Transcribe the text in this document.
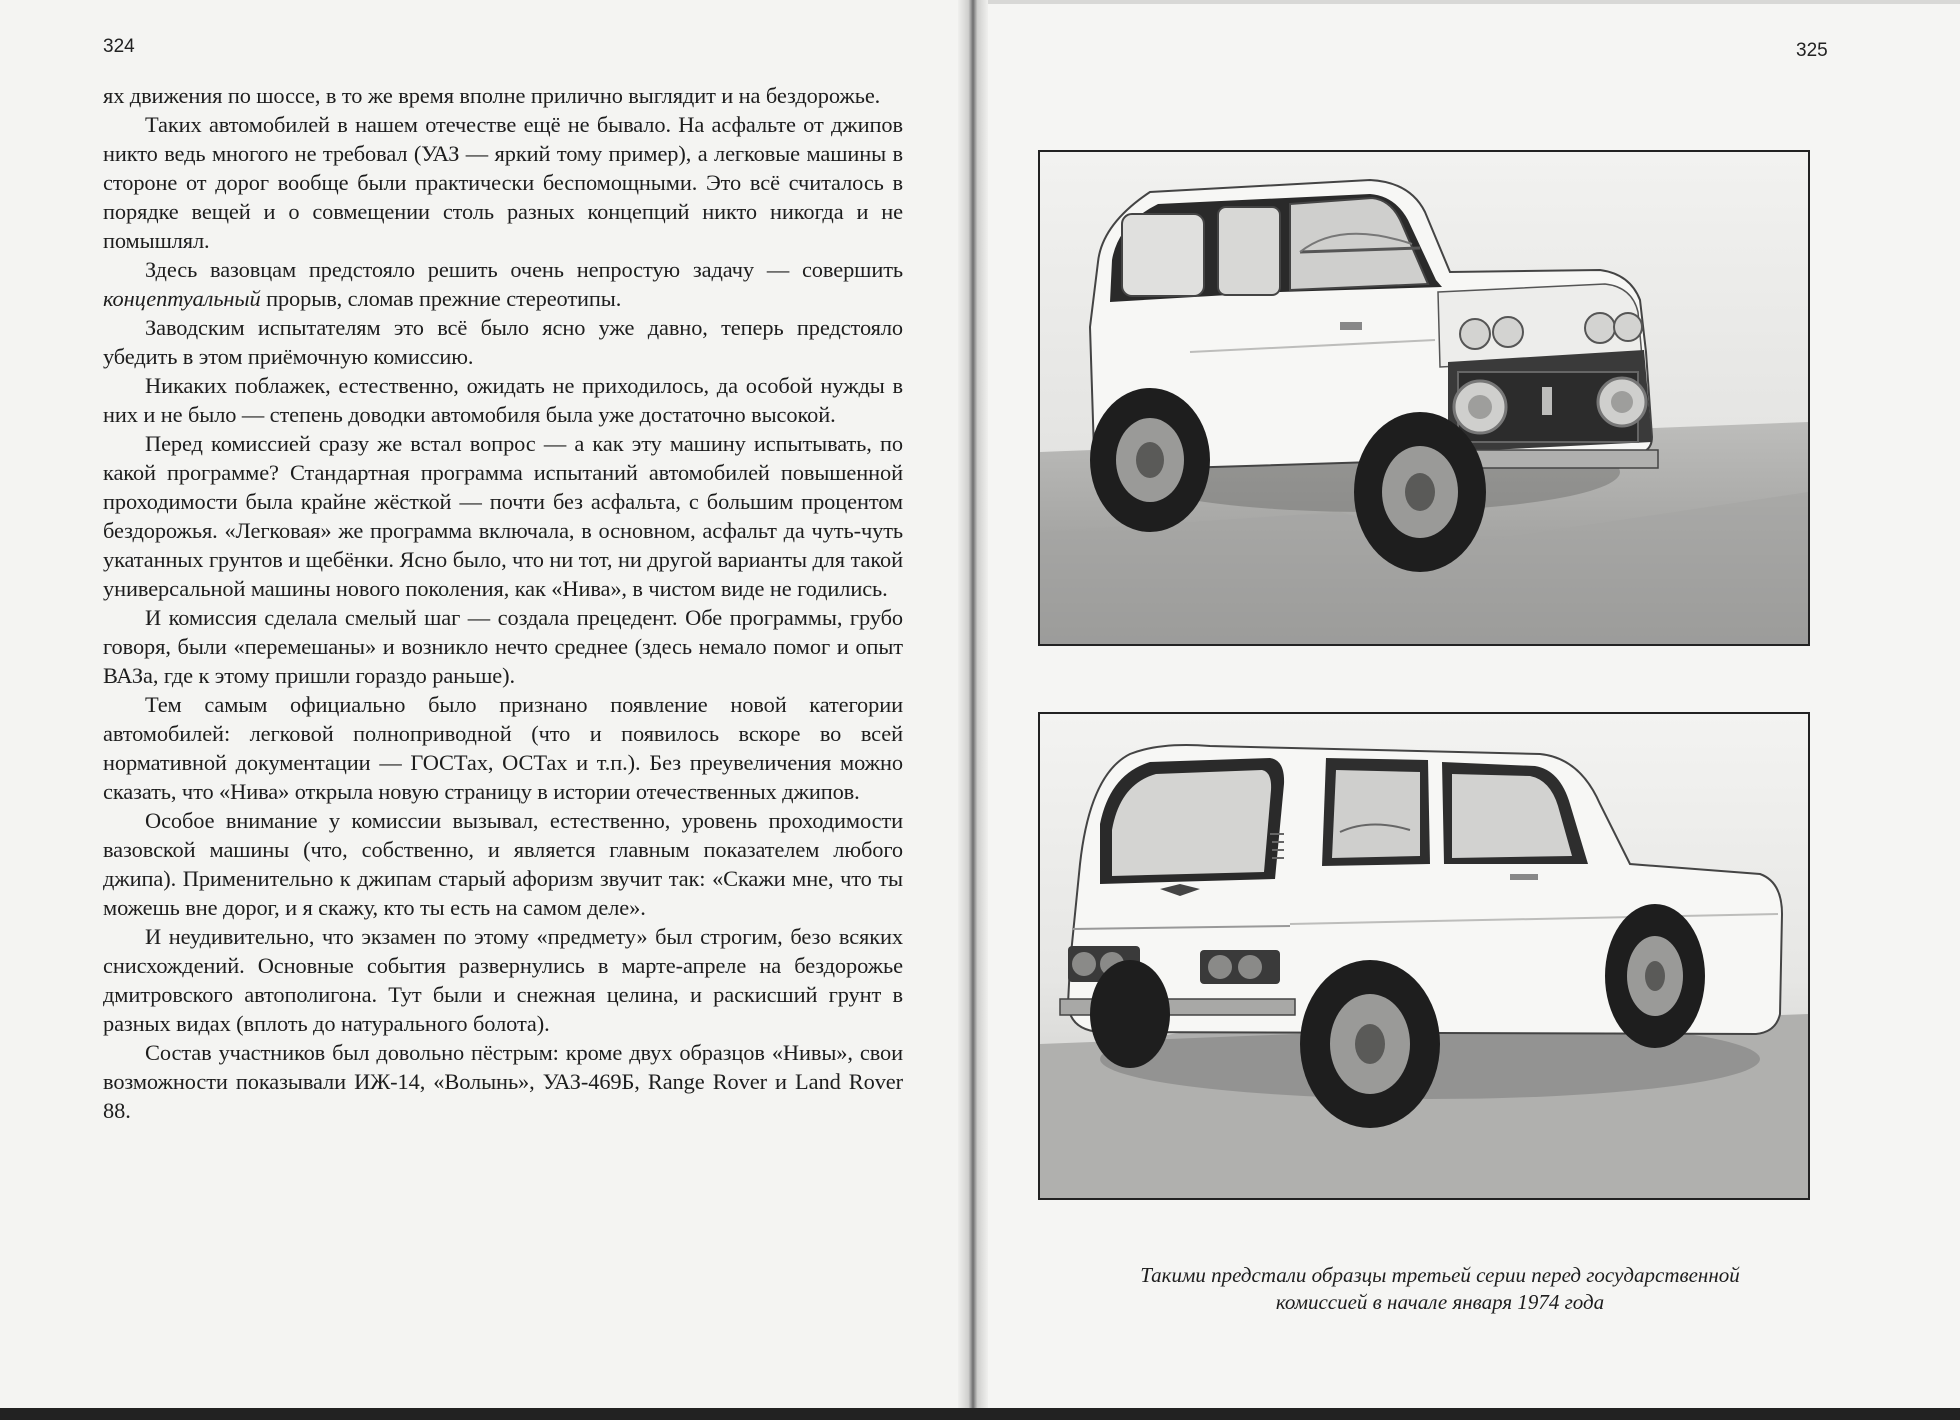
324

ях движения по шоссе, в то же время вполне прилично выглядит и на бездорожье.

Таких автомобилей в нашем отечестве ещё не бывало. На асфальте от джипов никто ведь многого не требовал (УАЗ — яркий тому пример), а легковые машины в стороне от дорог вообще были практически беспомощными. Это всё считалось в порядке вещей и о совмещении столь разных концепций никто никогда и не помышлял.

Здесь вазовцам предстояло решить очень непростую задачу — совершить концептуальный прорыв, сломав прежние стереотипы.

Заводским испытателям это всё было ясно уже давно, теперь предстояло убедить в этом приёмочную комиссию.

Никаких поблажек, естественно, ожидать не приходилось, да особой нужды в них и не было — степень доводки автомобиля была уже достаточно высокой.

Перед комиссией сразу же встал вопрос — а как эту машину испытывать, по какой программе? Стандартная программа испытаний автомобилей повышенной проходимости была крайне жёсткой — почти без асфальта, с большим процентом бездорожья. «Легковая» же программа включала, в основном, асфальт да чуть-чуть укатанных грунтов и щебёнки. Ясно было, что ни тот, ни другой варианты для такой универсальной машины нового поколения, как «Нива», в чистом виде не годились.

И комиссия сделала смелый шаг — создала прецедент. Обе программы, грубо говоря, были «перемешаны» и возникло нечто среднее (здесь немало помог и опыт ВАЗа, где к этому пришли гораздо раньше).

Тем самым официально было признано появление новой категории автомобилей: легковой полноприводной (что и появилось вскоре во всей нормативной документации — ГОСТах, ОСТах и т.п.). Без преувеличения можно сказать, что «Нива» открыла новую страницу в истории отечественных джипов.

Особое внимание у комиссии вызывал, естественно, уровень проходимости вазовской машины (что, собственно, и является главным показателем любого джипа). Применительно к джипам старый афоризм звучит так: «Скажи мне, что ты можешь вне дорог, и я скажу, кто ты есть на самом деле».

И неудивительно, что экзамен по этому «предмету» был строгим, безо всяких снисхождений. Основные события развернулись в марте-апреле на бездорожье дмитровского автополигона. Тут были и снежная целина, и раскисший грунт в разных видах (вплоть до натурального болота).

Состав участников был довольно пёстрым: кроме двух образцов «Нивы», свои возможности показывали ИЖ-14, «Волынь», УАЗ-469Б, Range Rover и Land Rover 88.

325
Такими предстали образцы третьей серии перед государственной
комиссией в начале января 1974 года
